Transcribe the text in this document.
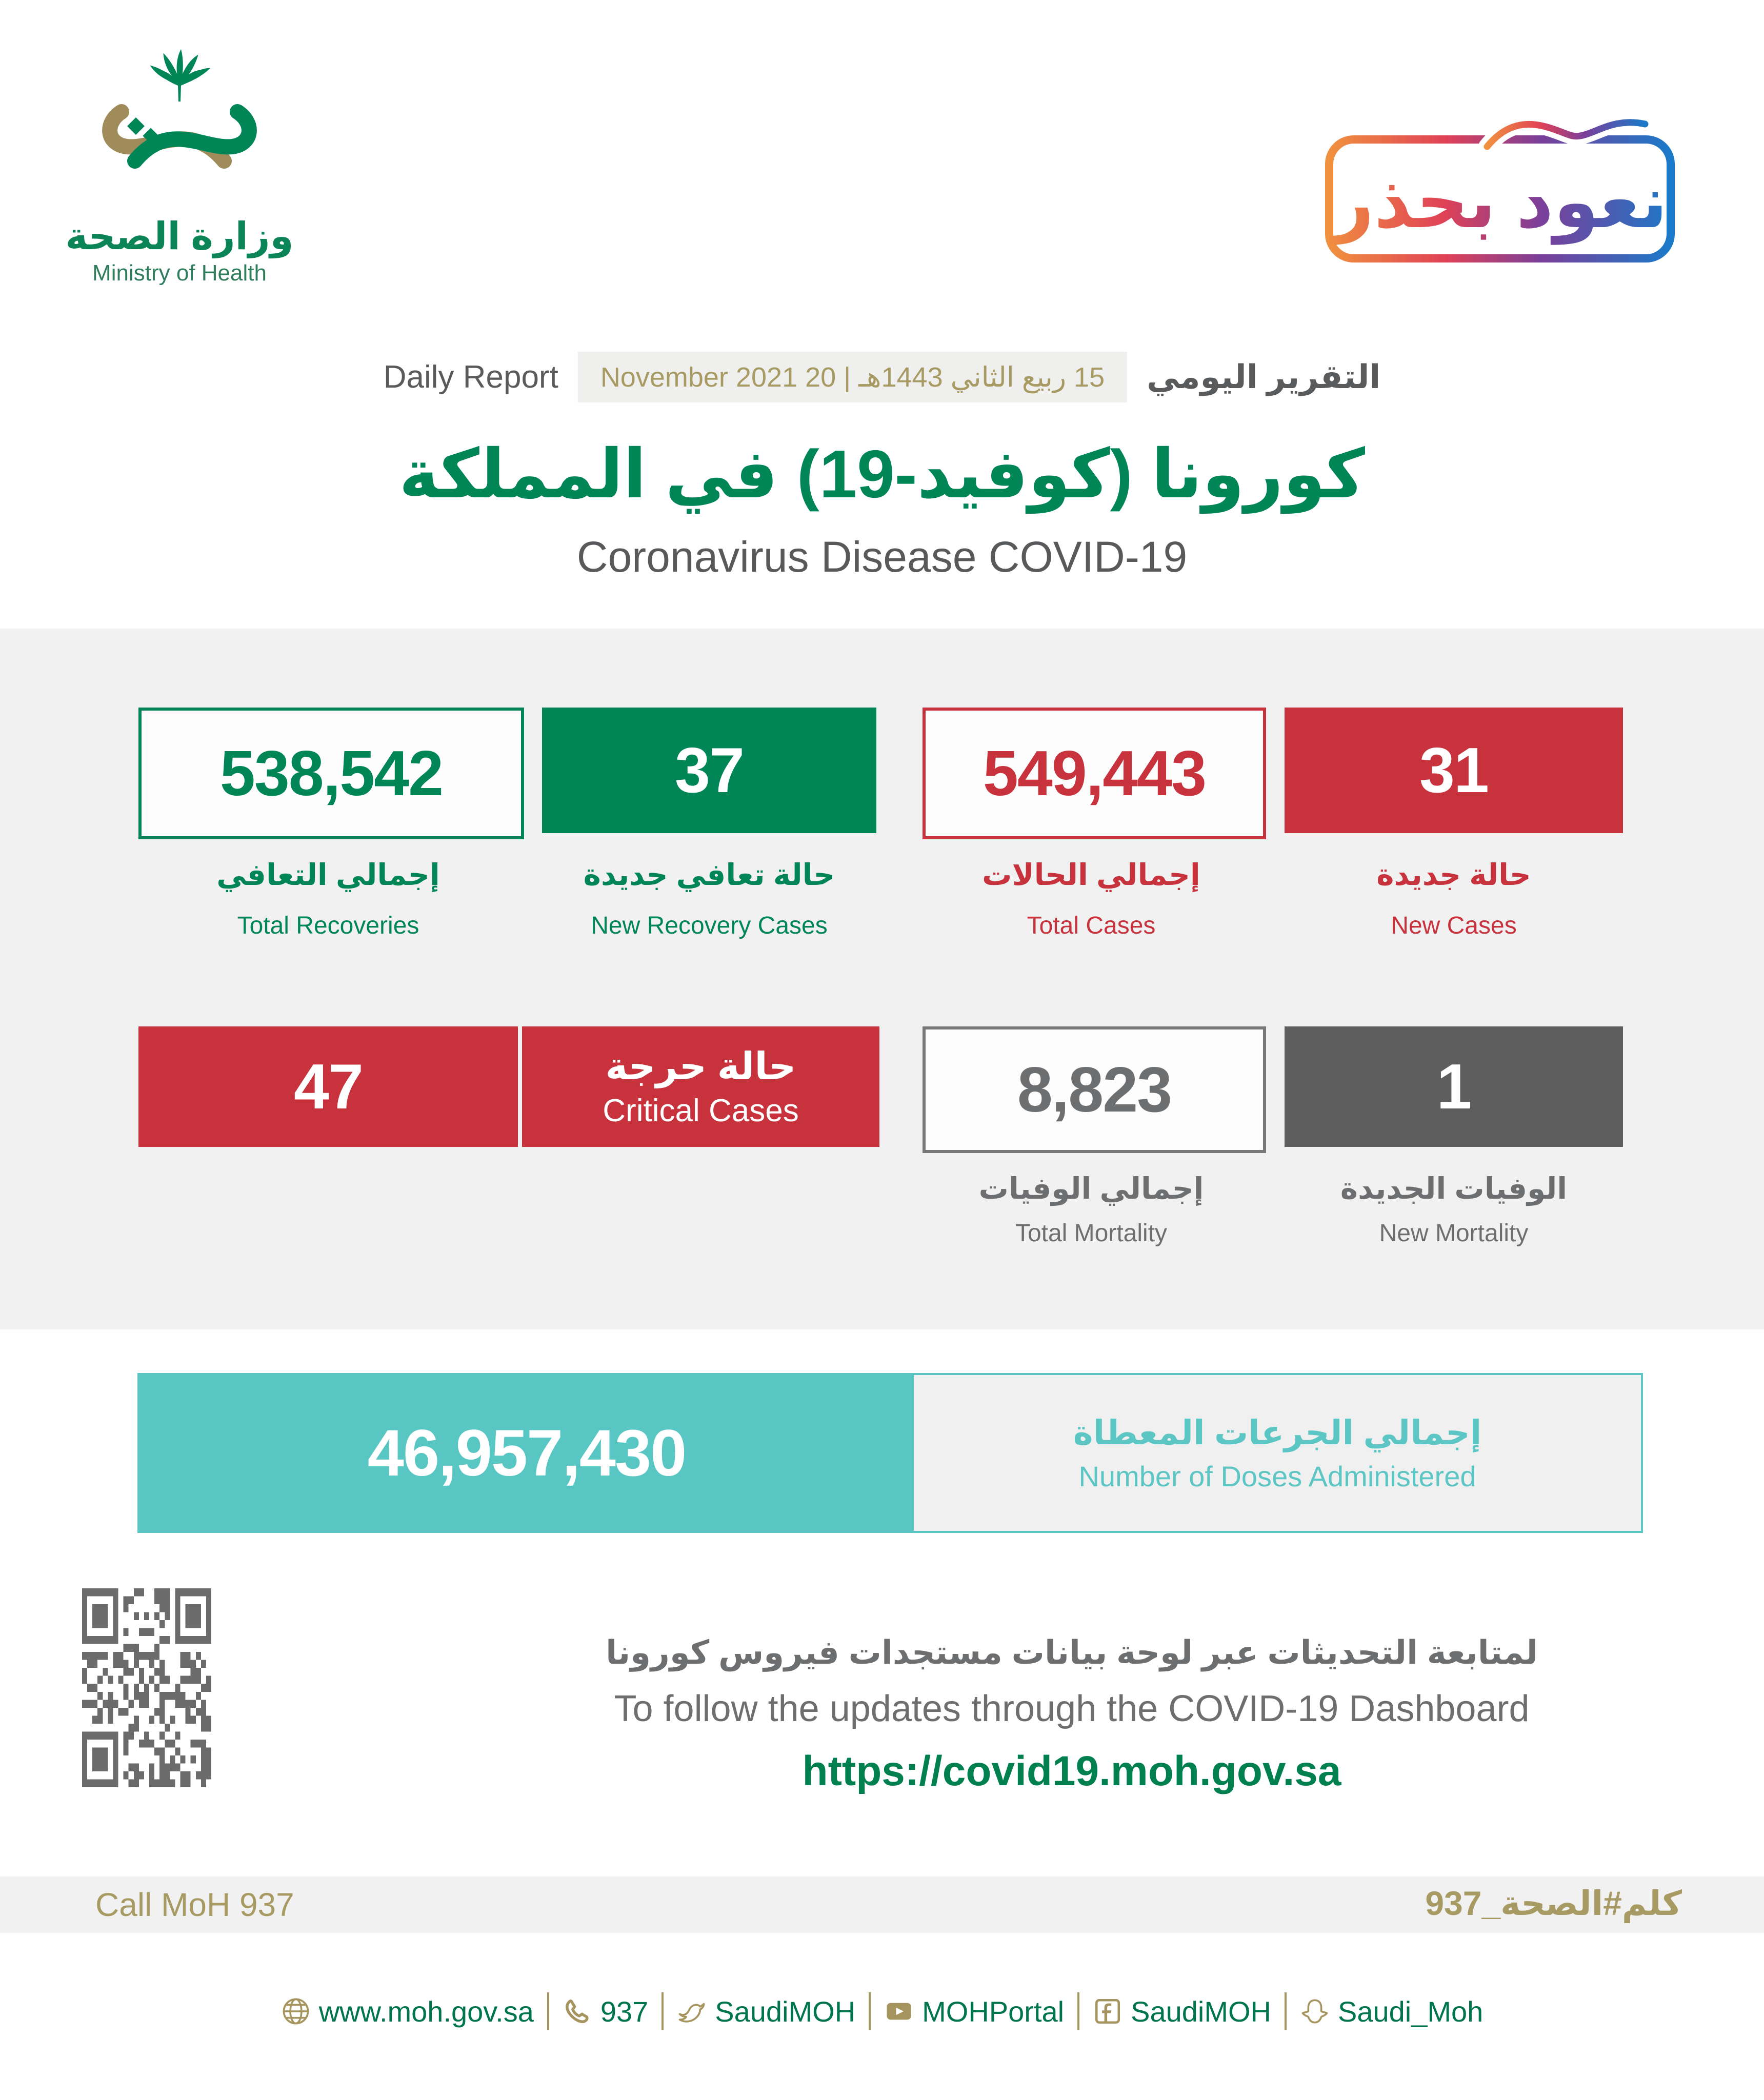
وزارة الصحة
Ministry of Health
نعود بحذر
Daily Report	15 ربيع الثاني 1443هـ | 20 November 2021	التقرير اليومي
كورونا (كوفيد-19) في المملكة
Coronavirus Disease COVID-19
538,542	37	549,443	31
إجمالي التعافي
Total Recoveries
حالة تعافي جديدة
New Recovery Cases
إجمالي الحالات
Total Cases
حالة جديدة
New Cases
47	حالة حرجة
Critical Cases	8,823	1
إجمالي الوفيات
Total Mortality
الوفيات الجديدة
New Mortality
46,957,430	إجمالي الجرعات المعطاة
Number of Doses Administered
لمتابعة التحديثات عبر لوحة بيانات مستجدات فيروس كورونا
To follow the updates through the COVID-19 Dashboard
https://covid19.moh.gov.sa
Call MoH 937	كلم#الصحة_937
www.moh.gov.sa 937 SaudiMOH MOHPortal SaudiMOH Saudi_Moh
